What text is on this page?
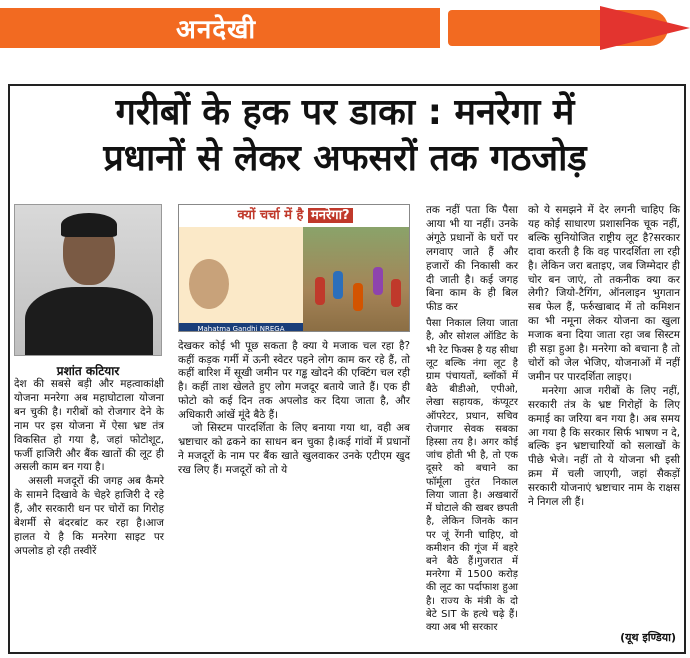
अनदेखी
गरीबों के हक पर डाका : मनरेगा में
प्रधानों से लेकर अफसरों तक गठजोड़
प्रशांत कटियार
क्यों चर्चा में है मनरेगा?
Mahatma Gandhi NREGA

देश की सबसे बड़ी और महत्वाकांक्षी योजना मनरेगा अब महाघोटाला योजना बन चुकी है। गरीबों को रोजगार देने के नाम पर इस योजना में ऐसा भ्रष्ट तंत्र विकसित हो गया है, जहां फोटोशूट, फर्जी हाजिरी और बैंक खातों की लूट ही असली काम बन गया है।

असली मजदूरों की जगह अब कैमरे के सामने दिखावे के चेहरे हाजिरी दे रहे हैं, और सरकारी धन पर चोरों का गिरोह बेशर्मी से बंदरबांट कर रहा है।आज हालत ये है कि मनरेगा साइट पर अपलोड हो रही तस्वीरें

देखकर कोई भी पूछ सकता है क्या ये मजाक चल रहा है? कहीं कड़क गर्मी में ऊनी स्वेटर पहने लोग काम कर रहे हैं, तो कहीं बारिश में सूखी जमीन पर गड्ढ खोदने की एक्टिंग चल रही है। कहीं ताश खेलते हुए लोग मजदूर बताये जाते हैं। एक ही फोटो को कई दिन तक अपलोड कर दिया जाता है, और अधिकारी आंखें मूंदे बैठे हैं।

जो सिस्टम पारदर्शिता के लिए बनाया गया था, वही अब भ्रष्टाचार को ढकने का साधन बन चुका है।कई गांवों में प्रधानों ने मजदूरों के नाम पर बैंक खाते खुलवाकर उनके एटीएम खुद रख लिए हैं। मजदूरों को तो ये

तक नहीं पता कि पैसा आया भी या नहीं। उनके अंगूठे प्रधानों के घरों पर लगवाए जाते हैं और हजारों की निकासी कर दी जाती है। कई जगह बिना काम के ही बिल फीड कर

पैसा निकाल लिया जाता है, और सोशल ऑडिट के भी रेट फिक्स है यह सीधा लूट बल्कि नंगा लूट है ग्राम पंचायतों, ब्लॉकों में बैठे बीडीओ, एपीओ, लेखा सहायक, कंप्यूटर ऑपरेटर, प्रधान, सचिव रोजगार सेवक सबका हिस्सा तय है। अगर कोई जांच होती भी है, तो एक दूसरे को बचाने का फॉर्मूला तुरंत निकाल लिया जाता है। अखबारों में घोटाले की खबर छपती है, लेकिन जिनके कान पर जूं रेंगनी चाहिए, वो कमीशन की गूंज में बहरे बने बैठे हैं।गुजरात में मनरेगा में 1500 करोड़ की लूट का पर्दाफाश हुआ है। राज्य के मंत्री के दो बेटे SIT के हत्थे चढ़े हैं। क्या अब भी सरकार

को ये समझने में देर लगनी चाहिए कि यह कोई साधारण प्रशासनिक चूक नहीं, बल्कि सुनियोजित राष्ट्रीय लूट है?सरकार दावा करती है कि वह पारदर्शिता ला रही है। लेकिन जरा बताइए, जब जिम्मेदार ही चोर बन जाएं, तो तकनीक क्या कर लेगी? जियो-टैगिंग, ऑनलाइन भुगतान सब फेल हैं, फर्रुखाबाद में तो कमिशन का भी नमूना लेकर योजना का खुला मजाक बना दिया जाता रहा जब सिस्टम ही सड़ा हुआ है। मनरेगा को बचाना है तो चोरों को जेल भेजिए, योजनाओं में नहीं जमीन पर पारदर्शिता लाइए।

मनरेगा आज गरीबों के लिए नहीं, सरकारी तंत्र के भ्रष्ट गिरोहों के लिए कमाई का जरिया बन गया है। अब समय आ गया है कि सरकार सिर्फ भाषण न दे, बल्कि इन भ्रष्टाचारियों को सलाखों के पीछे भेजे। नहीं तो ये योजना भी इसी क्रम में चली जाएगी, जहां सैकड़ों सरकारी योजनाएं भ्रष्टाचार नाम के राक्षस ने निगल ली हैं।

(यूथ इण्डिया)
